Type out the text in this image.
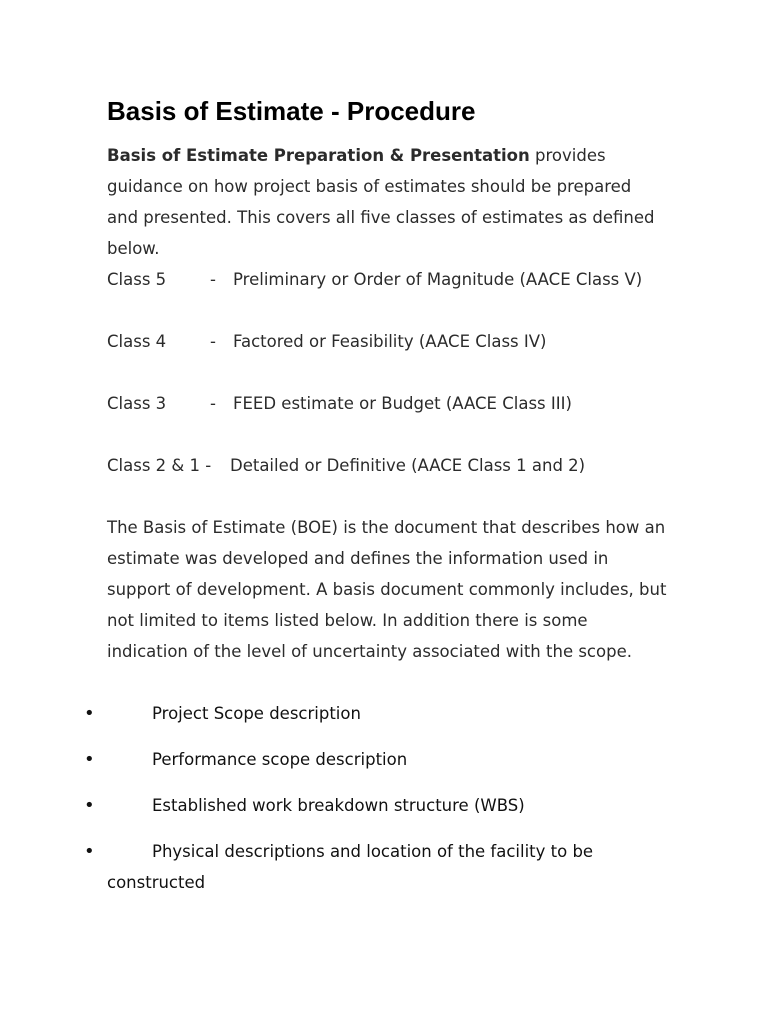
Basis of Estimate - Procedure

Basis of Estimate Preparation & Presentation provides guidance on how project basis of estimates should be prepared and presented. This covers all five classes of estimates as defined below.

Class 5	- Preliminary or Order of Magnitude (AACE Class V)
Class 4	- Factored or Feasibility (AACE Class IV)
Class 3	- FEED estimate or Budget (AACE Class III)
Class 2 & 1 - Detailed or Definitive (AACE Class 1 and 2)

The Basis of Estimate (BOE) is the document that describes how an estimate was developed and defines the information used in support of development. A basis document commonly includes, but not limited to items listed below. In addition there is some indication of the level of uncertainty associated with the scope.

•	Project Scope description
•	Performance scope description
•	Established work breakdown structure (WBS)
•	Physical descriptions and location of the facility to be constructed
